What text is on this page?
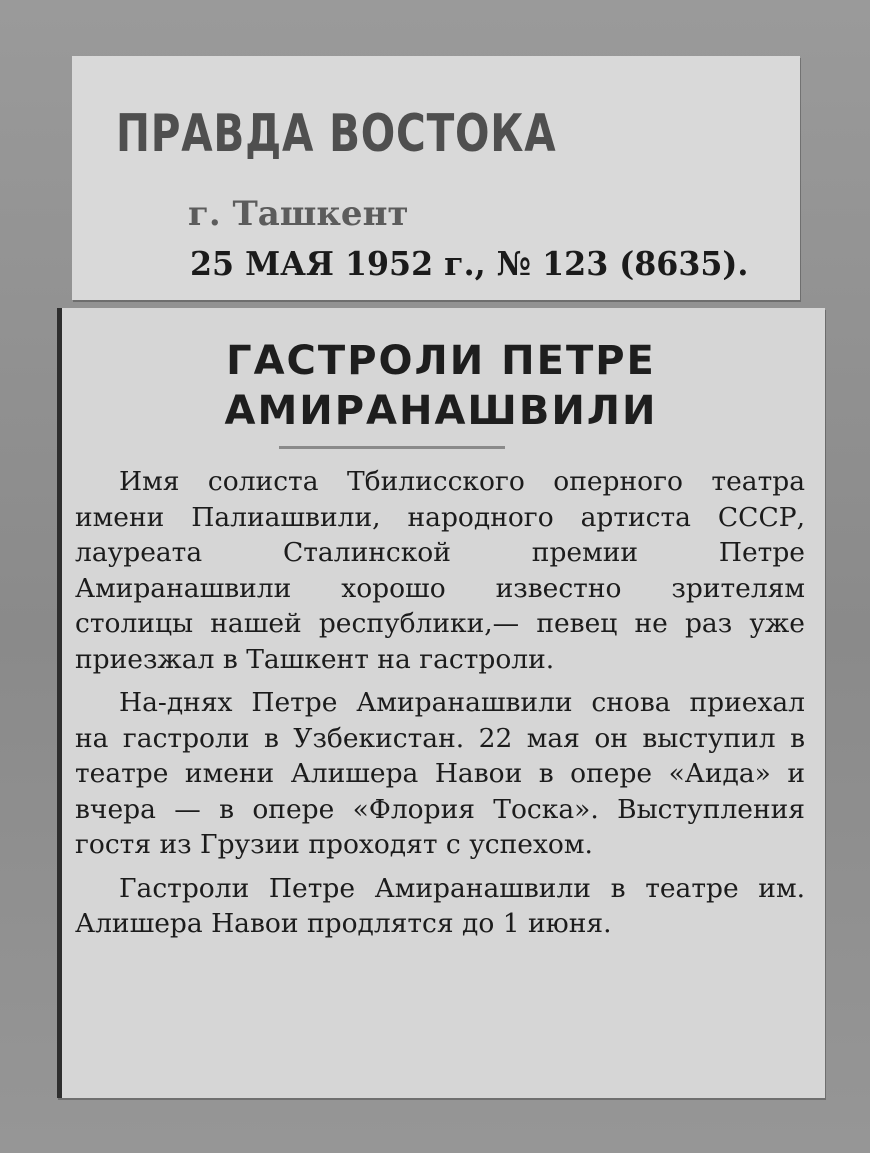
ПРАВДА ВОСТОКА
г. Ташкент
25 МАЯ 1952 г., № 123 (8635).
ГАСТРОЛИ ПЕТРЕ
АМИРАНАШВИЛИ

Имя солиста Тбилисского оперного театра имени Палиашвили, народного артиста СССР, лауреата Сталинской премии Петре Амиранашвили хорошо известно зрителям столицы нашей республики,— певец не раз уже приезжал в Ташкент на гастроли.

На-днях Петре Амиранашвили снова приехал на гастроли в Узбекистан. 22 мая он выступил в театре имени Алишера Навои в опере «Аида» и вчера — в опере «Флория Тоска». Выступления гостя из Грузии проходят с успехом.

Гастроли Петре Амиранашвили в театре им. Алишера Навои продлятся до 1 июня.
